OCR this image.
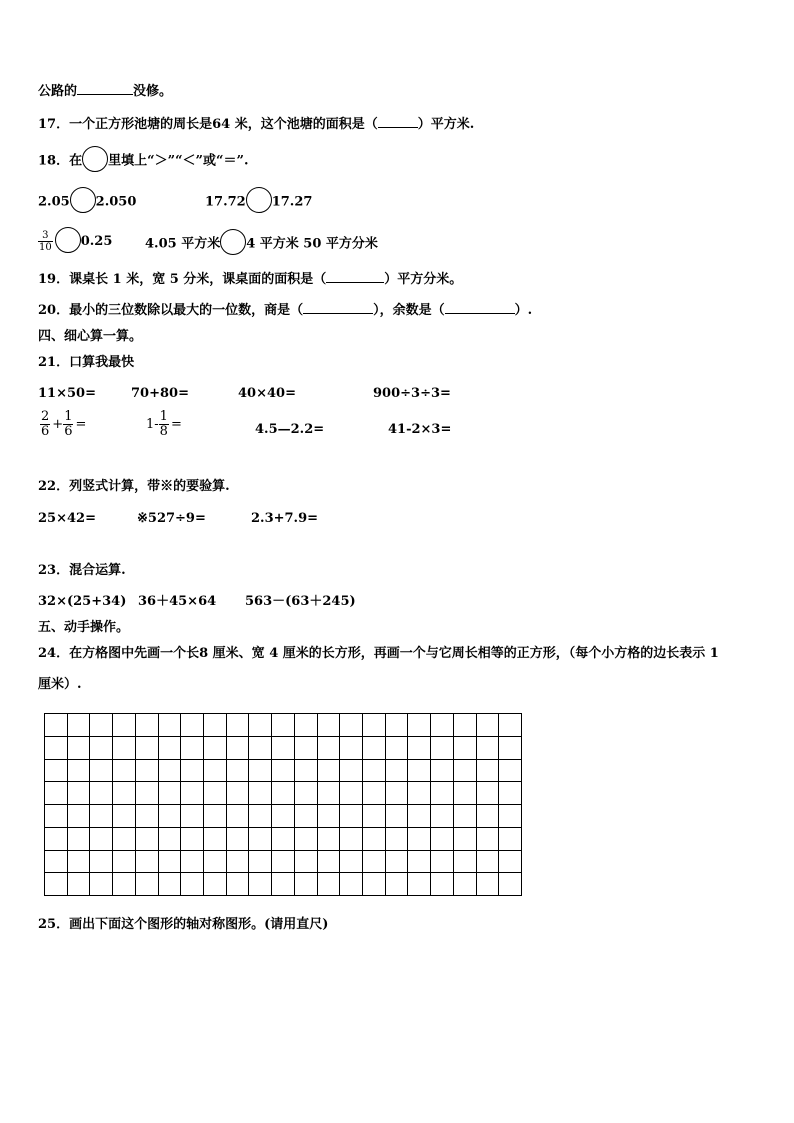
公路的	没修。
17．一个正方形池塘的周长是64 米，这个池塘的面积是（	）平方米.
18．在 里填上“＞”“＜”或“＝”.
2.05 2.050	17.72 17.27
$\frac{3}{10} 0.25$	4.05 平方米 4 平方米 50 平方分米
19．课桌长 1 米，宽 5 分米，课桌面的面积是（	）平方分米。
20．最小的三位数除以最大的一位数，商是（	），余数是（	）.
四、细心算一算。
21．口算我最快
11×50=	70+80=	40×40=	900÷3÷3=
$\frac{2}{6} + \frac{1}{6}$ =	$1- \frac{1}{8}$ =	4.5—2.2=	41-2×3=
22．列竖式计算，带※的要验算.
25×42=	※527÷9=	2.3+7.9=
23．混合运算.
32×(25+34) 36＋45×64 563－(63＋245)
五、动手操作。
24．在方格图中先画一个长8 厘米、宽 4 厘米的长方形，再画一个与它周长相等的正方形，（每个小方格的边长表示 1
厘米）.
25．画出下面这个图形的轴对称图形。(请用直尺)
